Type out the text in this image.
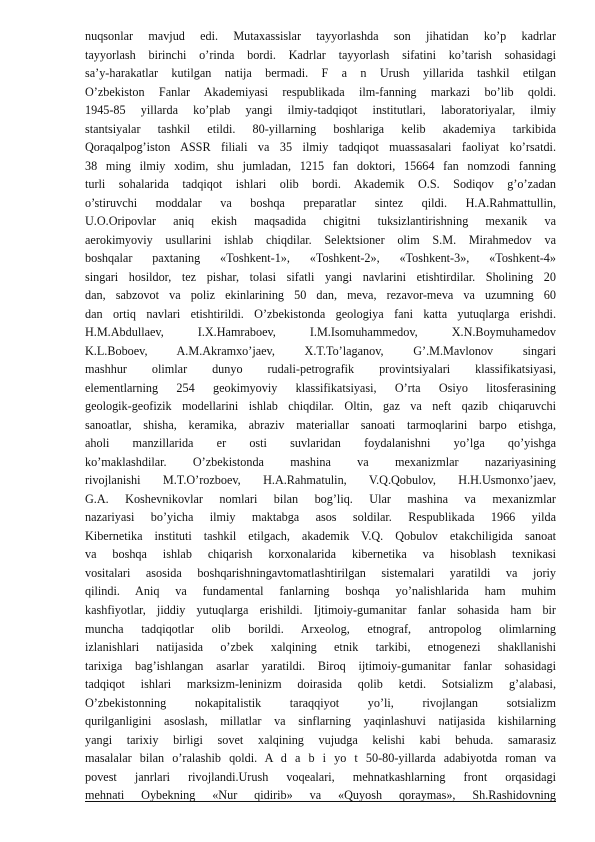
nuqsonlar mavjud edi. Mutaxassislar tayyorlashda son jihatidan ko’p kadrlar
tayyorlash birinchi o’rinda bordi. Kadrlar tayyorlash sifatini ko’tarish sohasidagi
sa’y-harakatlar kutilgan natija bermadi. F a n Urush yillarida tashkil etilgan
O’zbekiston Fanlar Akademiyasi respublikada ilm-fanning markazi bo’lib qoldi.
1945-85 yillarda ko’plab yangi ilmiy-tadqiqot institutlari, laboratoriyalar, ilmiy
stantsiyalar tashkil etildi. 80-yillarning boshlariga kelib akademiya tarkibida
Qoraqalpog’iston ASSR filiali va 35 ilmiy tadqiqot muassasalari faoliyat ko’rsatdi.
38 ming ilmiy xodim, shu jumladan, 1215 fan doktori, 15664 fan nomzodi fanning
turli sohalarida tadqiqot ishlari olib bordi. Akademik O.S. Sodiqov g’o’zadan
o’stiruvchi moddalar va boshqa preparatlar sintez qildi. H.A.Rahmattullin,
U.O.Oripovlar aniq ekish maqsadida chigitni tuksizlantirishning mexanik va
aerokimyoviy usullarini ishlab chiqdilar. Selektsioner olim S.M. Mirahmedov va
boshqalar paxtaning «Toshkent-1», «Toshkent-2», «Toshkent-3», «Toshkent-4»
singari hosildor, tez pishar, tolasi sifatli yangi navlarini etishtirdilar. Sholining 20
dan, sabzovot va poliz ekinlarining 50 dan, meva, rezavor-meva va uzumning 60
dan ortiq navlari etishtirildi. O’zbekistonda geologiya fani katta yutuqlarga erishdi.
H.M.Abdullaev, I.X.Hamraboev, I.M.Isomuhammedov, X.N.Boymuhamedov
K.L.Boboev, A.M.Akramxo’jaev, X.T.To’laganov, G’.M.Mavlonov singari
mashhur olimlar dunyo rudali-petrografik provintsiyalari klassifikatsiyasi,
elementlarning 254 geokimyoviy klassifikatsiyasi, O’rta Osiyo litosferasining
geologik-geofizik modellarini ishlab chiqdilar. Oltin, gaz va neft qazib chiqaruvchi
sanoatlar, shisha, keramika, abraziv materiallar sanoati tarmoqlarini barpo etishga,
aholi manzillarida er osti suvlaridan foydalanishni yo’lga qo’yishga
ko’maklashdilar. O’zbekistonda mashina va mexanizmlar nazariyasining
rivojlanishi M.T.O’rozboev, H.A.Rahmatulin, V.Q.Qobulov, H.H.Usmonxo’jaev,
G.A. Koshevnikovlar nomlari bilan bog’liq. Ular mashina va mexanizmlar
nazariyasi bo’yicha ilmiy maktabga asos soldilar. Respublikada 1966 yilda
Kibernetika instituti tashkil etilgach, akademik V.Q. Qobulov etakchiligida sanoat
va boshqa ishlab chiqarish korxonalarida kibernetika va hisoblash texnikasi
vositalari asosida boshqarishningavtomatlashtirilgan sistemalari yaratildi va joriy
qilindi. Aniq va fundamental fanlarning boshqa yo’nalishlarida ham muhim
kashfiyotlar, jiddiy yutuqlarga erishildi. Ijtimoiy-gumanitar fanlar sohasida ham bir
muncha tadqiqotlar olib borildi. Arxeolog, etnograf, antropolog olimlarning
izlanishlari natijasida o’zbek xalqining etnik tarkibi, etnogenezi shakllanishi
tarixiga bag’ishlangan asarlar yaratildi. Biroq ijtimoiy-gumanitar fanlar sohasidagi
tadqiqot ishlari marksizm-leninizm doirasida qolib ketdi. Sotsializm g’alabasi,
O’zbekistonning nokapitalistik taraqqiyot yo’li, rivojlangan sotsializm
qurilganligini asoslash, millatlar va sinflarning yaqinlashuvi natijasida kishilarning
yangi tarixiy birligi sovet xalqining vujudga kelishi kabi behuda. samarasiz
masalalar bilan o’ralashib qoldi. A d a b i yo t 50-80-yillarda adabiyotda roman va
povest janrlari rivojlandi.Urush voqealari, mehnatkashlarning front orqasidagi
mehnati Oybekning «Nur qidirib» va «Quyosh qoraymas», Sh.Rashidovning
